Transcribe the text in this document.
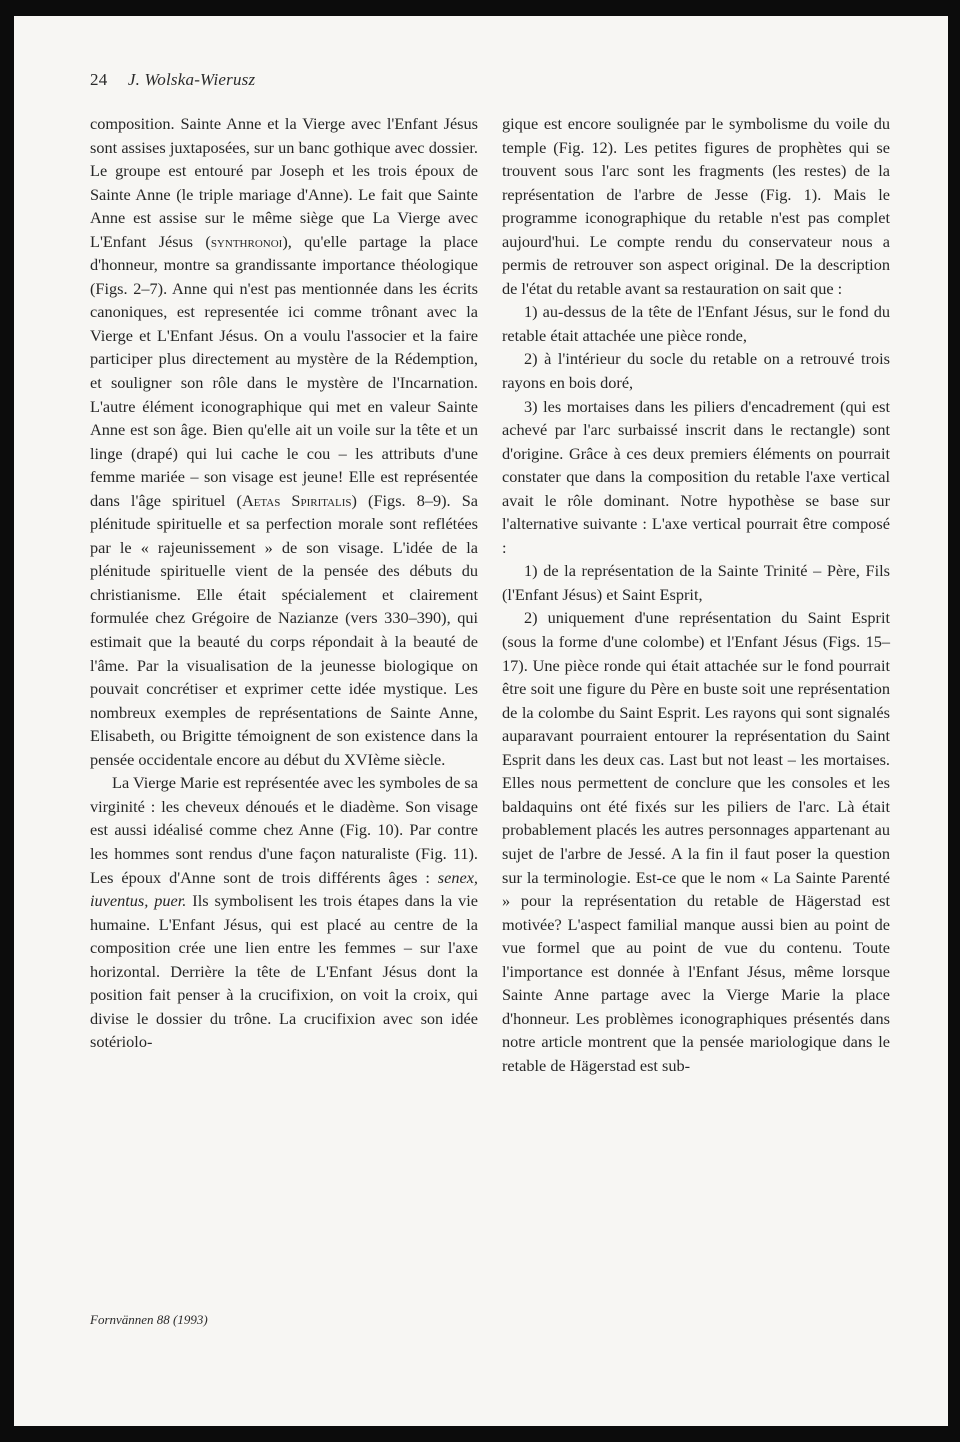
24 J. Wolska-Wierusz

composition. Sainte Anne et la Vierge avec l'Enfant Jésus sont assises juxtaposées, sur un banc gothique avec dossier. Le groupe est entouré par Joseph et les trois époux de Sainte Anne (le triple mariage d'Anne). Le fait que Sainte Anne est assise sur le même siège que La Vierge avec L'Enfant Jésus (synthronoi), qu'elle partage la place d'honneur, montre sa grandissante importance théologique (Figs. 2–7). Anne qui n'est pas mentionnée dans les écrits canoniques, est representée ici comme trônant avec la Vierge et L'Enfant Jésus. On a voulu l'associer et la faire participer plus directement au mystère de la Rédemption, et souligner son rôle dans le mystère de l'Incarnation. L'autre élément iconographique qui met en valeur Sainte Anne est son âge. Bien qu'elle ait un voile sur la tête et un linge (drapé) qui lui cache le cou – les attributs d'une femme mariée – son visage est jeune! Elle est représentée dans l'âge spirituel (Aetas Spiritalis) (Figs. 8–9). Sa plénitude spirituelle et sa perfection morale sont reflétées par le « rajeunissement » de son visage. L'idée de la plénitude spirituelle vient de la pensée des débuts du christianisme. Elle était spécialement et clairement formulée chez Grégoire de Nazianze (vers 330–390), qui estimait que la beauté du corps répondait à la beauté de l'âme. Par la visualisation de la jeunesse biologique on pouvait concrétiser et exprimer cette idée mystique. Les nombreux exemples de représentations de Sainte Anne, Elisabeth, ou Brigitte témoignent de son existence dans la pensée occidentale encore au début du XVIème siècle.

La Vierge Marie est représentée avec les symboles de sa virginité : les cheveux dénoués et le diadème. Son visage est aussi idéalisé comme chez Anne (Fig. 10). Par contre les hommes sont rendus d'une façon naturaliste (Fig. 11). Les époux d'Anne sont de trois différents âges : senex, iuventus, puer. Ils symbolisent les trois étapes dans la vie humaine. L'Enfant Jésus, qui est placé au centre de la composition crée une lien entre les femmes – sur l'axe horizontal. Derrière la tête de L'Enfant Jésus dont la position fait penser à la crucifixion, on voit la croix, qui divise le dossier du trône. La crucifixion avec son idée sotériolo-

gique est encore soulignée par le symbolisme du voile du temple (Fig. 12). Les petites figures de prophètes qui se trouvent sous l'arc sont les fragments (les restes) de la représentation de l'arbre de Jesse (Fig. 1). Mais le programme iconographique du retable n'est pas complet aujourd'hui. Le compte rendu du conservateur nous a permis de retrouver son aspect original. De la description de l'état du retable avant sa restauration on sait que :

1) au-dessus de la tête de l'Enfant Jésus, sur le fond du retable était attachée une pièce ronde,

2) à l'intérieur du socle du retable on a retrouvé trois rayons en bois doré,

3) les mortaises dans les piliers d'encadrement (qui est achevé par l'arc surbaissé inscrit dans le rectangle) sont d'origine. Grâce à ces deux premiers éléments on pourrait constater que dans la composition du retable l'axe vertical avait le rôle dominant. Notre hypothèse se base sur l'alternative suivante : L'axe vertical pourrait être composé :

1) de la représentation de la Sainte Trinité – Père, Fils (l'Enfant Jésus) et Saint Esprit,

2) uniquement d'une représentation du Saint Esprit (sous la forme d'une colombe) et l'Enfant Jésus (Figs. 15–17). Une pièce ronde qui était attachée sur le fond pourrait être soit une figure du Père en buste soit une représentation de la colombe du Saint Esprit. Les rayons qui sont signalés auparavant pourraient entourer la représentation du Saint Esprit dans les deux cas. Last but not least – les mortaises. Elles nous permettent de conclure que les consoles et les baldaquins ont été fixés sur les piliers de l'arc. Là était probablement placés les autres personnages appartenant au sujet de l'arbre de Jessé. A la fin il faut poser la question sur la terminologie. Est-ce que le nom « La Sainte Parenté » pour la représentation du retable de Hägerstad est motivée? L'aspect familial manque aussi bien au point de vue formel que au point de vue du contenu. Toute l'importance est donnée à l'Enfant Jésus, même lorsque Sainte Anne partage avec la Vierge Marie la place d'honneur. Les problèmes iconographiques présentés dans notre article montrent que la pensée mariologique dans le retable de Hägerstad est sub-

Fornvännen 88 (1993)
